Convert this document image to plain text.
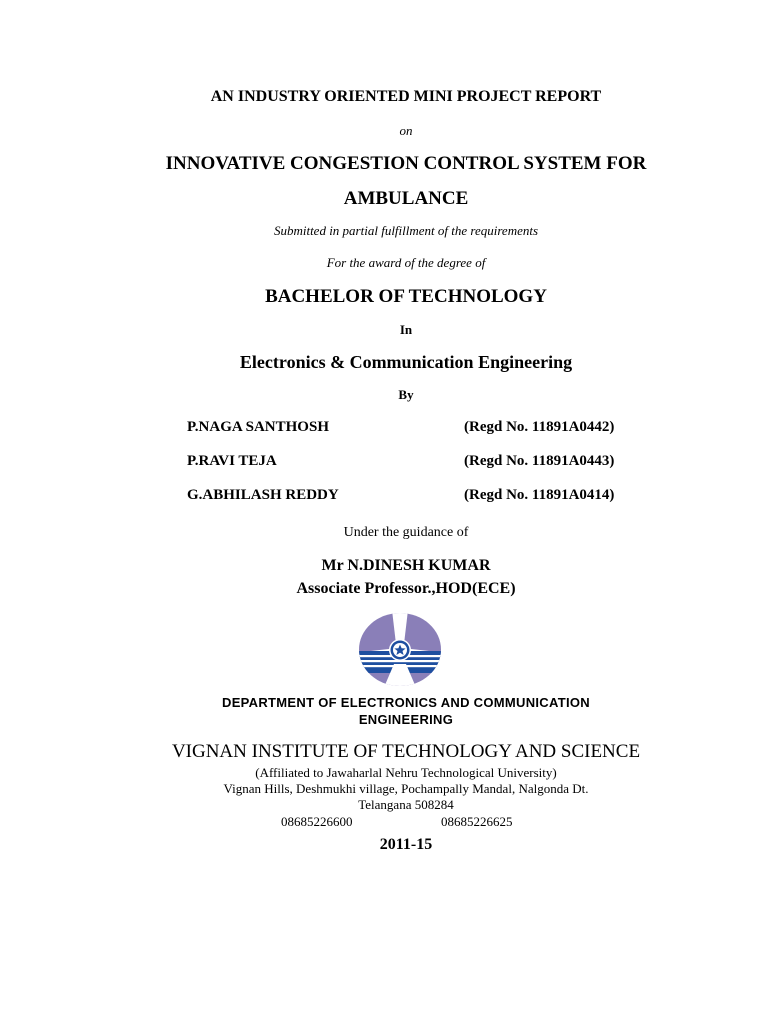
AN INDUSTRY ORIENTED MINI PROJECT REPORT
on
INNOVATIVE CONGESTION CONTROL SYSTEM FOR
AMBULANCE
Submitted in partial fulfillment of the requirements
For the award of the degree of
BACHELOR OF TECHNOLOGY
In
Electronics & Communication Engineering
By
P.NAGA SANTHOSH	(Regd No. 11891A0442)
P.RAVI TEJA	(Regd No. 11891A0443)
G.ABHILASH REDDY	(Regd No. 11891A0414)
Under the guidance of
Mr N.DINESH KUMAR
Associate Professor.,HOD(ECE)
DEPARTMENT OF ELECTRONICS AND COMMUNICATION
ENGINEERING
VIGNAN INSTITUTE OF TECHNOLOGY AND SCIENCE
(Affiliated to Jawaharlal Nehru Technological University)
Vignan Hills, Deshmukhi village, Pochampally Mandal, Nalgonda Dt.
Telangana 508284
08685226600	08685226625
2011-15
